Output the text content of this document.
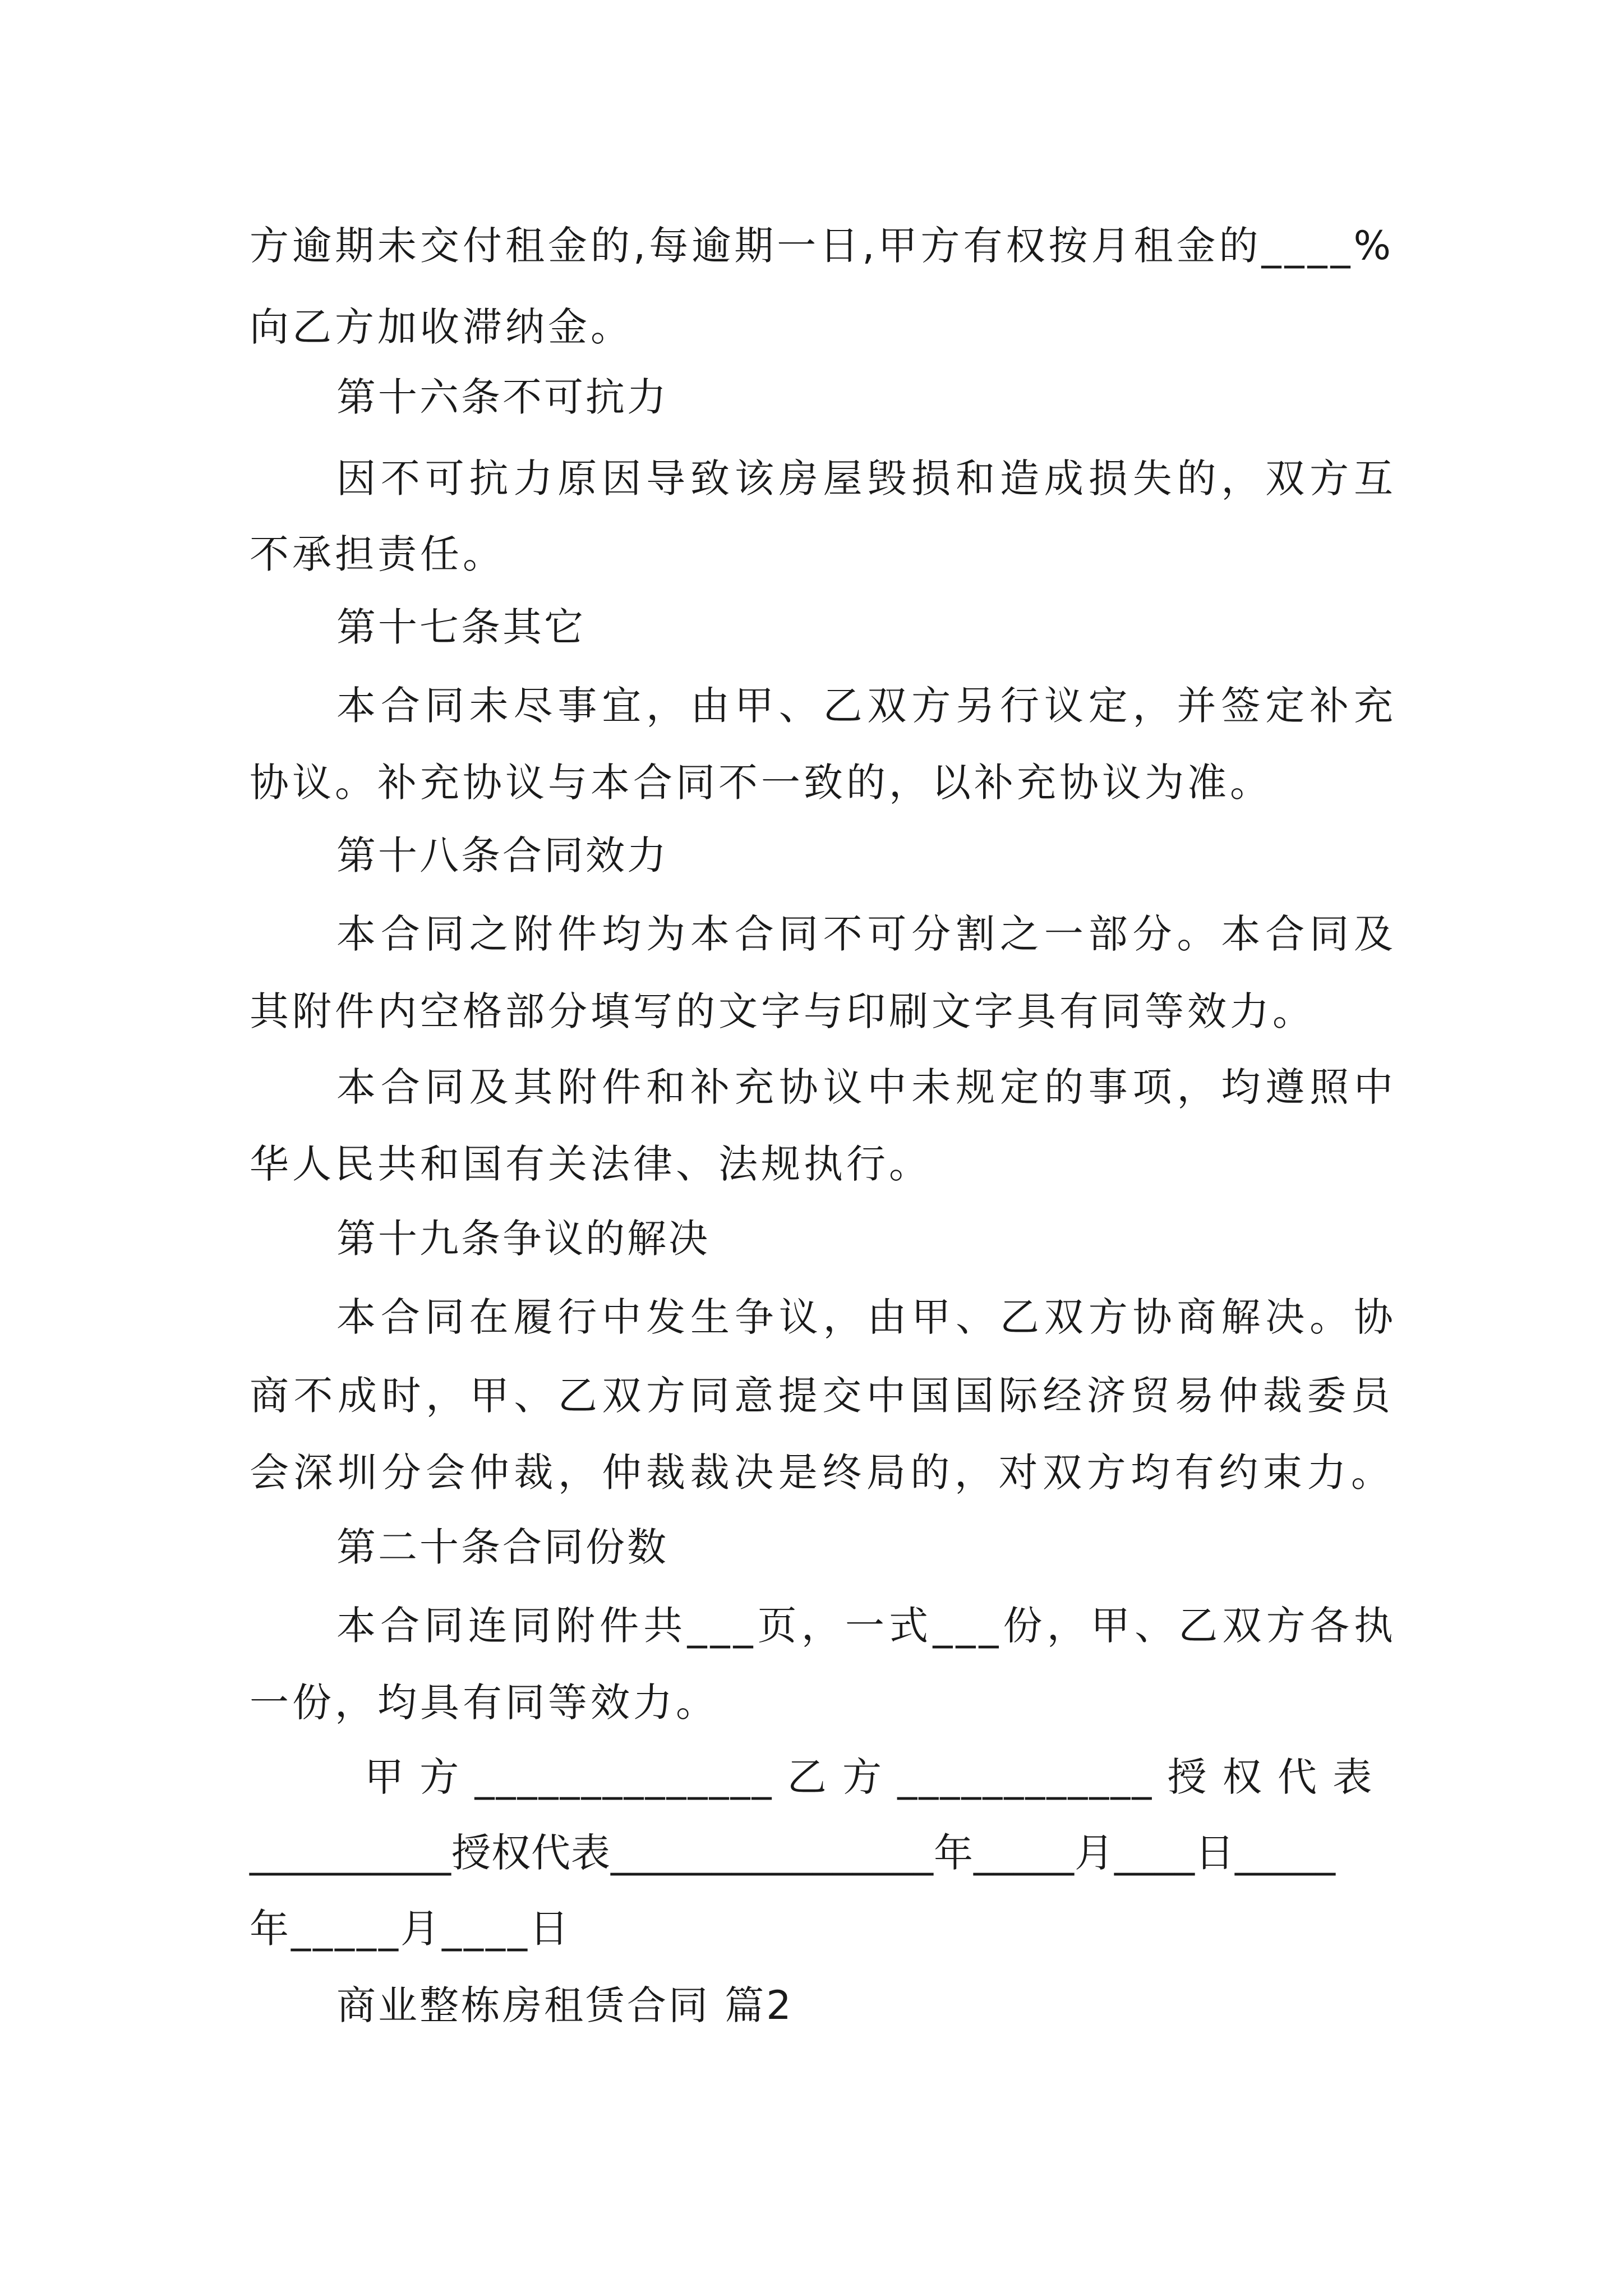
方逾期未交付租金的,每逾期一日,甲方有权按月租金的____%
向乙方加收滞纳金。
第十六条不可抗力
因不可抗力原因导致该房屋毁损和造成损失的，双方互
不承担责任。
第十七条其它
本合同未尽事宜，由甲、乙双方另行议定，并签定补充
协议。补充协议与本合同不一致的，以补充协议为准。
第十八条合同效力
本合同之附件均为本合同不可分割之一部分。本合同及
其附件内空格部分填写的文字与印刷文字具有同等效力。
本合同及其附件和补充协议中未规定的事项，均遵照中
华人民共和国有关法律、法规执行。
第十九条争议的解决
本合同在履行中发生争议，由甲、乙双方协商解决。协
商不成时，甲、乙双方同意提交中国国际经济贸易仲裁委员
会深圳分会仲裁，仲裁裁决是终局的，对双方均有约束力。
第二十条合同份数
本合同连同附件共___页，一式___份，甲、乙双方各执
一份，均具有同等效力。
甲 方 ______________ 乙 方 ____________ 授 权 代 表
__________授权代表________________年_____月____日_____
年_____月____日
商业整栋房租赁合同 篇2
